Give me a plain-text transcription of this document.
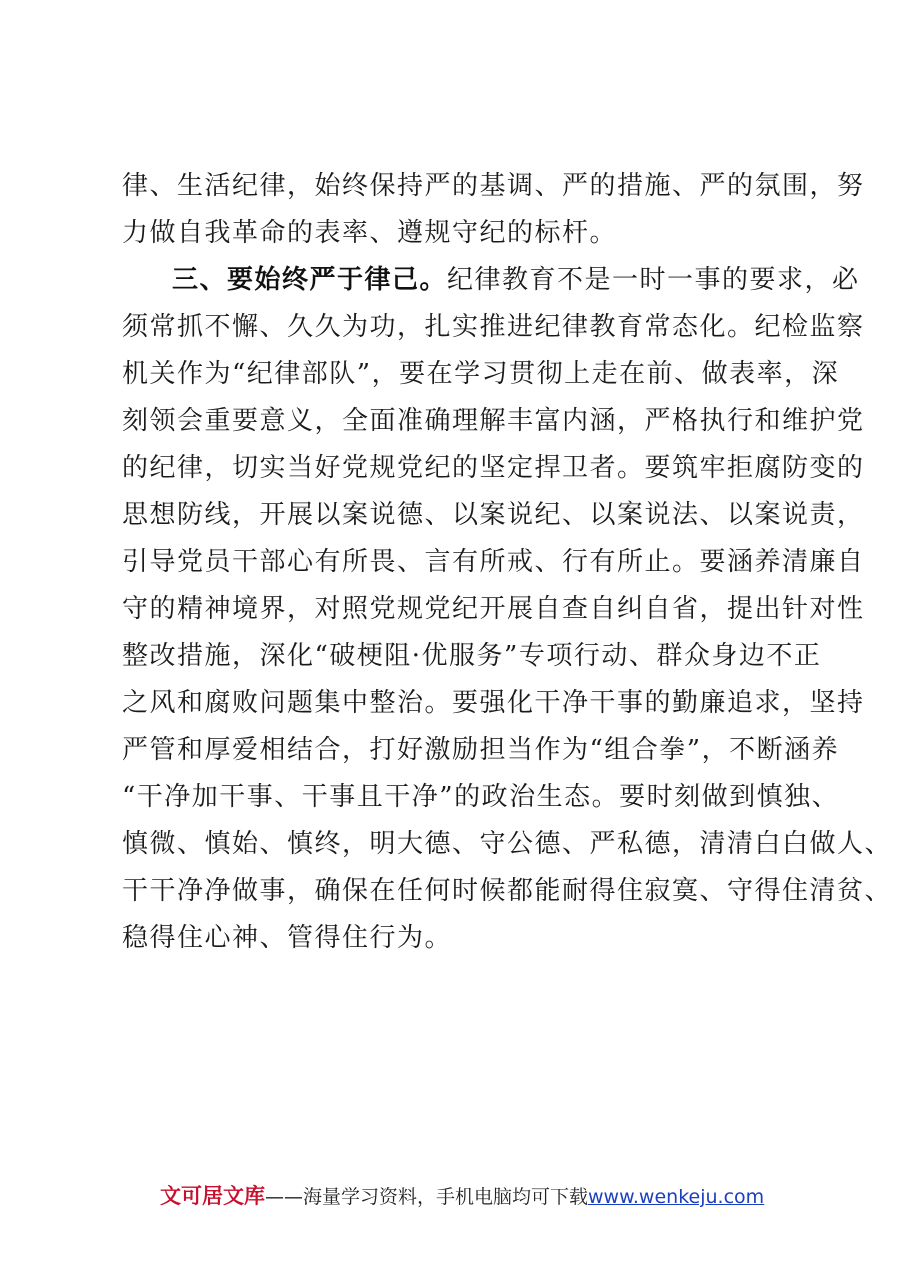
律、生活纪律，始终保持严的基调、严的措施、严的氛围，努
力做自我革命的表率、遵规守纪的标杆。
三、要始终严于律己。纪律教育不是一时一事的要求，必
须常抓不懈、久久为功，扎实推进纪律教育常态化。纪检监察
机关作为“纪律部队”，要在学习贯彻上走在前、做表率，深
刻领会重要意义，全面准确理解丰富内涵，严格执行和维护党
的纪律，切实当好党规党纪的坚定捍卫者。要筑牢拒腐防变的
思想防线，开展以案说德、以案说纪、以案说法、以案说责，
引导党员干部心有所畏、言有所戒、行有所止。要涵养清廉自
守的精神境界，对照党规党纪开展自查自纠自省，提出针对性
整改措施，深化“破梗阻·优服务”专项行动、群众身边不正
之风和腐败问题集中整治。要强化干净干事的勤廉追求，坚持
严管和厚爱相结合，打好激励担当作为“组合拳”，不断涵养
“干净加干事、干事且干净”的政治生态。要时刻做到慎独、
慎微、慎始、慎终，明大德、守公德、严私德，清清白白做人、
干干净净做事，确保在任何时候都能耐得住寂寞、守得住清贫、
稳得住心神、管得住行为。
文可居文库——海量学习资料，手机电脑均可下载www.wenkeju.com
